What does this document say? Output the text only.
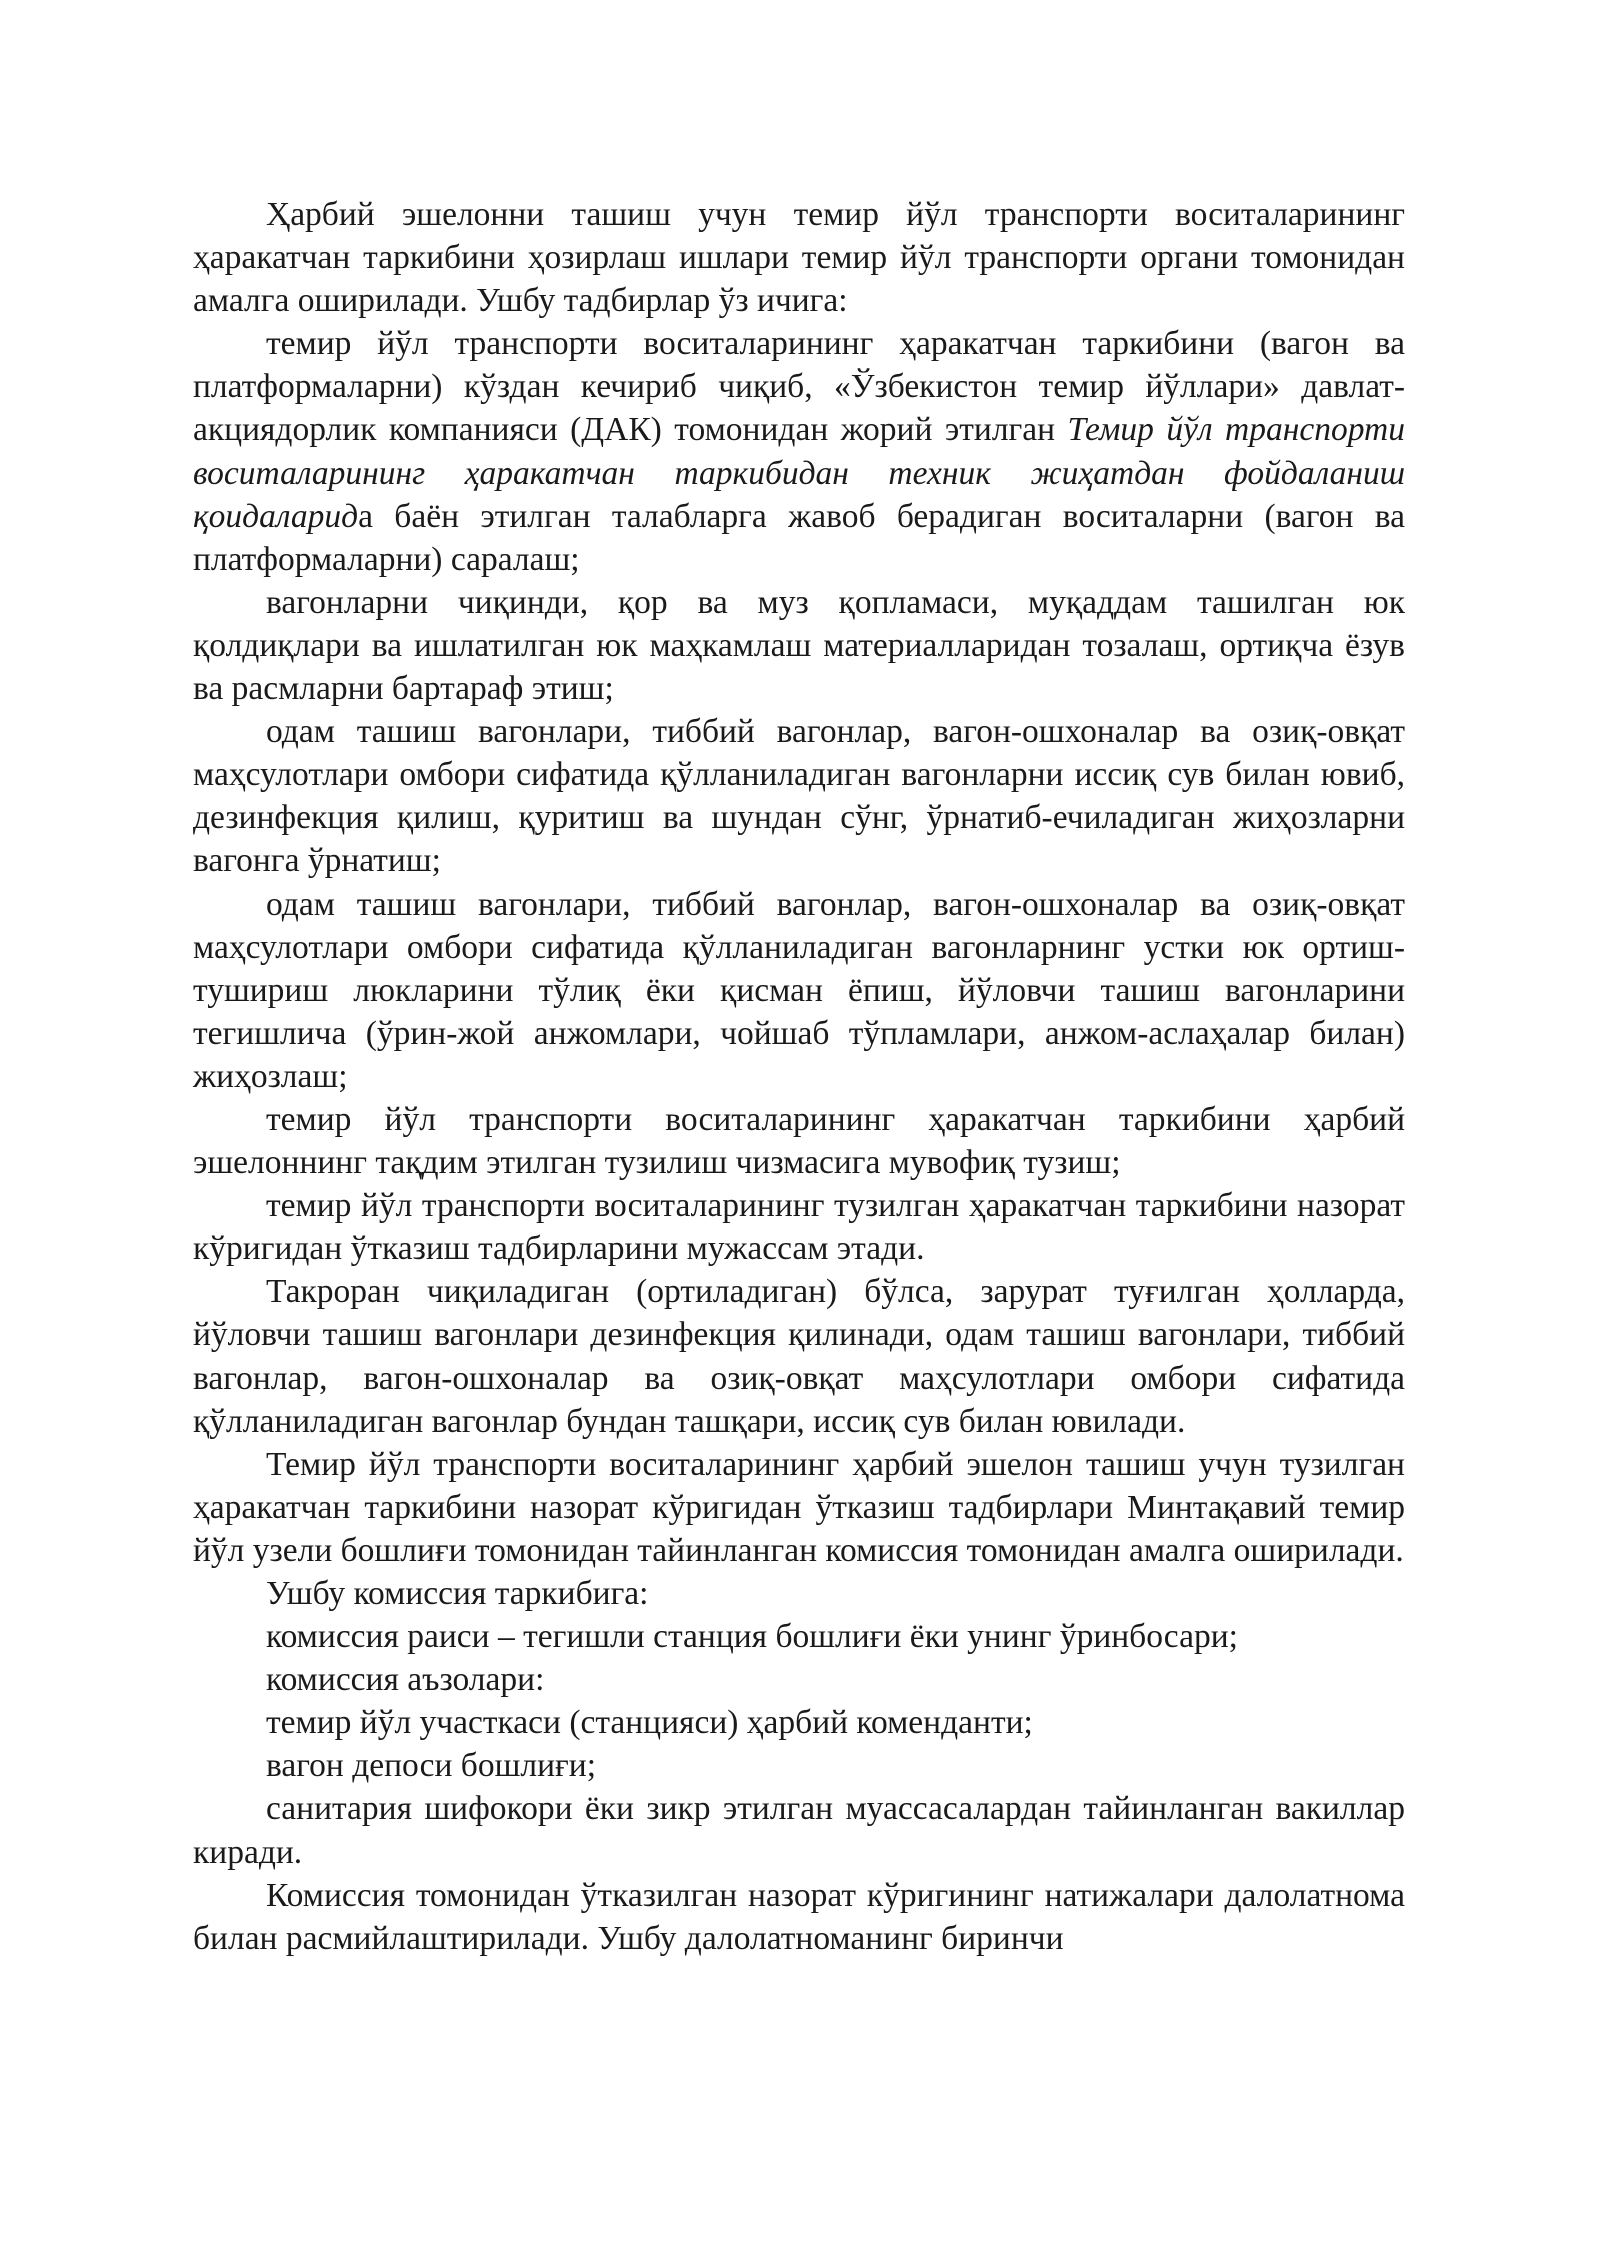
Ҳарбий эшелонни ташиш учун темир йўл транспорти воситаларининг ҳаракатчан таркибини ҳозирлаш ишлари темир йўл транспорти органи томонидан амалга оширилади. Ушбу тадбирлар ўз ичига:

темир йўл транспорти воситаларининг ҳаракатчан таркибини (вагон ва платформаларни) кўздан кечириб чиқиб, «Ўзбекистон темир йўллари» давлат-акциядорлик компанияси (ДАК) томонидан жорий этилган Темир йўл транспорти воситаларининг ҳаракатчан таркибидан техник жиҳатдан фойдаланиш қоидаларида баён этилган талабларга жавоб берадиган воситаларни (вагон ва платформаларни) саралаш;

вагонларни чиқинди, қор ва муз қопламаси, муқаддам ташилган юк қолдиқлари ва ишлатилган юк маҳкамлаш материалларидан тозалаш, ортиқча ёзув ва расмларни бартараф этиш;

одам ташиш вагонлари, тиббий вагонлар, вагон-ошхоналар ва озиқ-овқат маҳсулотлари омбори сифатида қўлланиладиган вагонларни иссиқ сув билан ювиб, дезинфекция қилиш, қуритиш ва шундан сўнг, ўрнатиб-ечиладиган жиҳозларни вагонга ўрнатиш;

одам ташиш вагонлари, тиббий вагонлар, вагон-ошхоналар ва озиқ-овқат маҳсулотлари омбори сифатида қўлланиладиган вагонларнинг устки юк ортиш-тушириш люкларини тўлиқ ёки қисман ёпиш, йўловчи ташиш вагонларини тегишлича (ўрин-жой анжомлари, чойшаб тўпламлари, анжом-аслаҳалар билан) жиҳозлаш;

темир йўл транспорти воситаларининг ҳаракатчан таркибини ҳарбий эшелоннинг тақдим этилган тузилиш чизмасига мувофиқ тузиш;

темир йўл транспорти воситаларининг тузилган ҳаракатчан таркибини назорат кўригидан ўтказиш тадбирларини мужассам этади.

Такроран чиқиладиган (ортиладиган) бўлса, зарурат туғилган ҳолларда, йўловчи ташиш вагонлари дезинфекция қилинади, одам ташиш вагонлари, тиббий вагонлар, вагон-ошхоналар ва озиқ-овқат маҳсулотлари омбори сифатида қўлланиладиган вагонлар бундан ташқари, иссиқ сув билан ювилади.

Темир йўл транспорти воситаларининг ҳарбий эшелон ташиш учун тузилган ҳаракатчан таркибини назорат кўригидан ўтказиш тадбирлари Минтақавий темир йўл узели бошлиғи томонидан тайинланган комиссия томонидан амалга оширилади.

Ушбу комиссия таркибига:

комиссия раиси – тегишли станция бошлиғи ёки унинг ўринбосари;

комиссия аъзолари:

темир йўл участкаси (станцияси) ҳарбий коменданти;

вагон депоси бошлиғи;

санитария шифокори ёки зикр этилган муассасалардан тайинланган вакиллар киради.

Комиссия томонидан ўтказилган назорат кўригининг натижалари далолатнома билан расмийлаштирилади. Ушбу далолатноманинг биринчи
